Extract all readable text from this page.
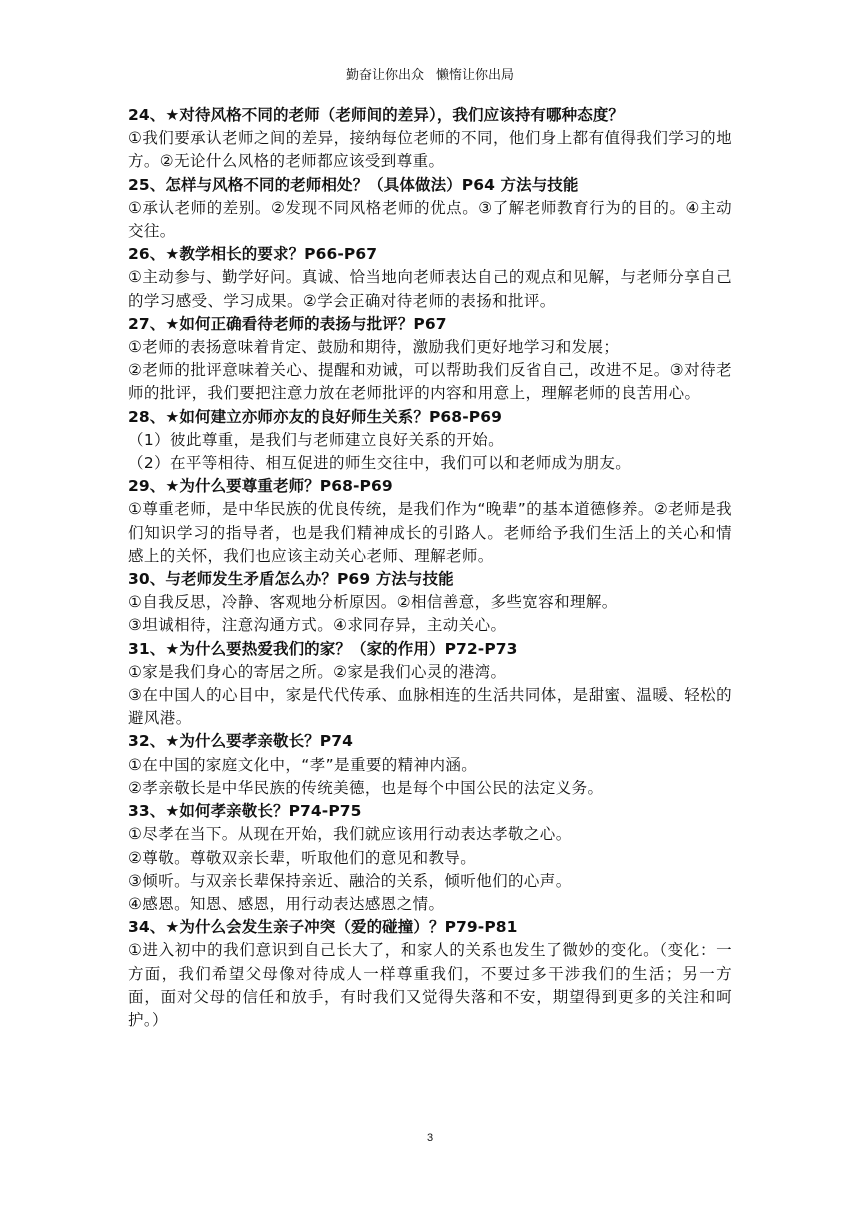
勤奋让你出众 懒惰让你出局

24、★对待风格不同的老师（老师间的差异），我们应该持有哪种态度？

①我们要承认老师之间的差异，接纳每位老师的不同，他们身上都有值得我们学习的地方。②无论什么风格的老师都应该受到尊重。

25、怎样与风格不同的老师相处？（具体做法）P64 方法与技能

①承认老师的差别。②发现不同风格老师的优点。③了解老师教育行为的目的。④主动交往。

26、★教学相长的要求？P66-P67

①主动参与、勤学好问。真诚、恰当地向老师表达自己的观点和见解，与老师分享自己的学习感受、学习成果。②学会正确对待老师的表扬和批评。

27、★如何正确看待老师的表扬与批评？P67

①老师的表扬意味着肯定、鼓励和期待，激励我们更好地学习和发展；

②老师的批评意味着关心、提醒和劝诫，可以帮助我们反省自己，改进不足。③对待老师的批评，我们要把注意力放在老师批评的内容和用意上，理解老师的良苦用心。

28、★如何建立亦师亦友的良好师生关系？P68-P69

（1）彼此尊重，是我们与老师建立良好关系的开始。

（2）在平等相待、相互促进的师生交往中，我们可以和老师成为朋友。

29、★为什么要尊重老师？P68-P69

①尊重老师，是中华民族的优良传统，是我们作为“晚辈”的基本道德修养。②老师是我们知识学习的指导者，也是我们精神成长的引路人。老师给予我们生活上的关心和情感上的关怀，我们也应该主动关心老师、理解老师。

30、与老师发生矛盾怎么办？P69 方法与技能

①自我反思，冷静、客观地分析原因。②相信善意，多些宽容和理解。

③坦诚相待，注意沟通方式。④求同存异，主动关心。

31、★为什么要热爱我们的家？（家的作用）P72-P73

①家是我们身心的寄居之所。②家是我们心灵的港湾。

③在中国人的心目中，家是代代传承、血脉相连的生活共同体，是甜蜜、温暖、轻松的避风港。

32、★为什么要孝亲敬长？P74

①在中国的家庭文化中，“孝”是重要的精神内涵。

②孝亲敬长是中华民族的传统美德，也是每个中国公民的法定义务。

33、★如何孝亲敬长？P74-P75

①尽孝在当下。从现在开始，我们就应该用行动表达孝敬之心。

②尊敬。尊敬双亲长辈，听取他们的意见和教导。

③倾听。与双亲长辈保持亲近、融洽的关系，倾听他们的心声。

④感恩。知恩、感恩，用行动表达感恩之情。

34、★为什么会发生亲子冲突（爱的碰撞）？P79-P81

①进入初中的我们意识到自己长大了，和家人的关系也发生了微妙的变化。（变化：一方面，我们希望父母像对待成人一样尊重我们，不要过多干涉我们的生活；另一方面，面对父母的信任和放手，有时我们又觉得失落和不安，期望得到更多的关注和呵护。）

3
